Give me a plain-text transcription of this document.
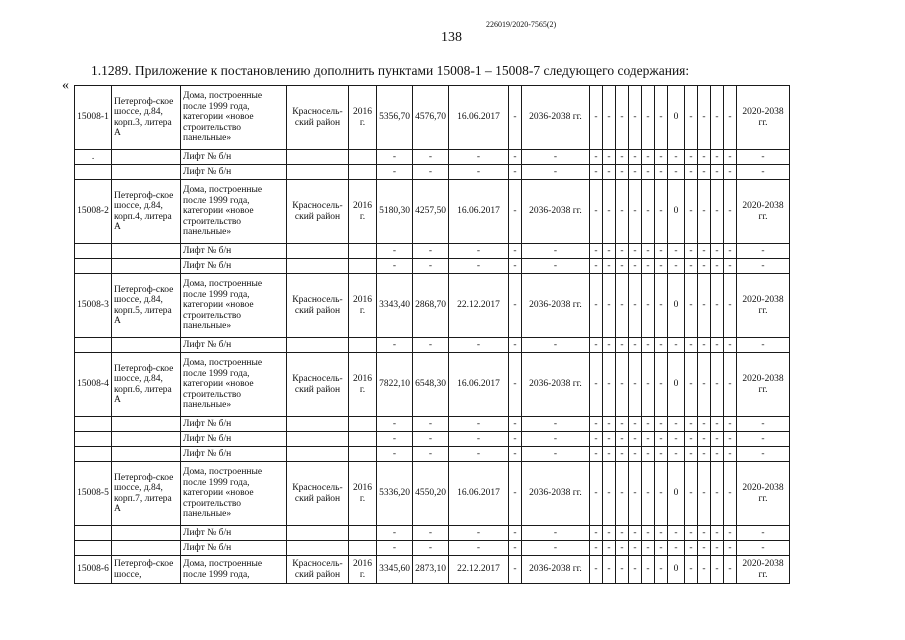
226019/2020-7565(2)
138
1.1289. Приложение к постановлению дополнить пунктами 15008-1 – 15008-7 следующего содержания:
«
15008-1	Петергоф-ское шоссе, д.84, корп.3, литера А	Дома, построенные после 1999 года, категории «новое строительство панельные»	Красносель-ский район	2016 г.	5356,70	4576,70	16.06.2017	-	2036-2038 гг.	-	-	-	-	-	-	0	-	-	-	-	2020-2038 гг.
.		Лифт № б/н			-	-	-	-	-	-	-	-	-	-	-	-	-	-	-	-	-
		Лифт № б/н			-	-	-	-	-	-	-	-	-	-	-	-	-	-	-	-	-
15008-2	Петергоф-ское шоссе, д.84, корп.4, литера А	Дома, построенные после 1999 года, категории «новое строительство панельные»	Красносель-ский район	2016 г.	5180,30	4257,50	16.06.2017	-	2036-2038 гг.	-	-	-	-	-	-	0	-	-	-	-	2020-2038 гг.
		Лифт № б/н			-	-	-	-	-	-	-	-	-	-	-	-	-	-	-	-	-
		Лифт № б/н			-	-	-	-	-	-	-	-	-	-	-	-	-	-	-	-	-
15008-3	Петергоф-ское шоссе, д.84, корп.5, литера А	Дома, построенные после 1999 года, категории «новое строительство панельные»	Красносель-ский район	2016 г.	3343,40	2868,70	22.12.2017	-	2036-2038 гг.	-	-	-	-	-	-	0	-	-	-	-	2020-2038 гг.
		Лифт № б/н			-	-	-	-	-	-	-	-	-	-	-	-	-	-	-	-	-
15008-4	Петергоф-ское шоссе, д.84, корп.6, литера А	Дома, построенные после 1999 года, категории «новое строительство панельные»	Красносель-ский район	2016 г.	7822,10	6548,30	16.06.2017	-	2036-2038 гг.	-	-	-	-	-	-	0	-	-	-	-	2020-2038 гг.
		Лифт № б/н			-	-	-	-	-	-	-	-	-	-	-	-	-	-	-	-	-
		Лифт № б/н			-	-	-	-	-	-	-	-	-	-	-	-	-	-	-	-	-
		Лифт № б/н			-	-	-	-	-	-	-	-	-	-	-	-	-	-	-	-	-
15008-5	Петергоф-ское шоссе, д.84, корп.7, литера А	Дома, построенные после 1999 года, категории «новое строительство панельные»	Красносель-ский район	2016 г.	5336,20	4550,20	16.06.2017	-	2036-2038 гг.	-	-	-	-	-	-	0	-	-	-	-	2020-2038 гг.
		Лифт № б/н			-	-	-	-	-	-	-	-	-	-	-	-	-	-	-	-	-
		Лифт № б/н			-	-	-	-	-	-	-	-	-	-	-	-	-	-	-	-	-
15008-6	Петергоф-ское шоссе,	Дома, построенные после 1999 года,	Красносель-ский район	2016 г.	3345,60	2873,10	22.12.2017	-	2036-2038 гг.	-	-	-	-	-	-	0	-	-	-	-	2020-2038 гг.
